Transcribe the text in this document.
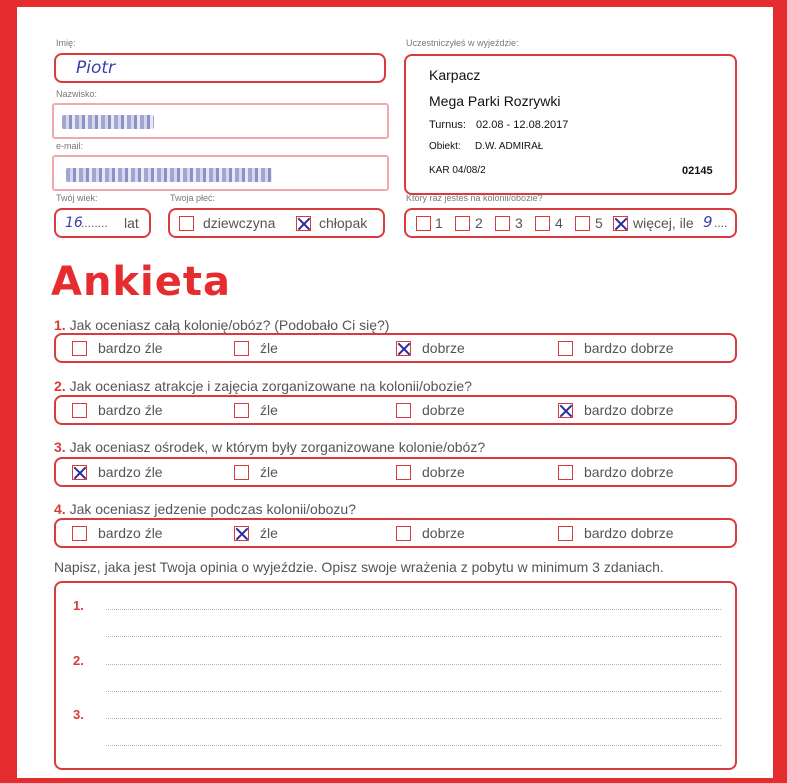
Imię:
Piotr
Nazwisko:
e-mail:
Twój wiek:
16
........ lat
Twoja płeć:
dziewczyna	chłopak
Uczestniczyłeś w wyjeździe:
Karpacz
Mega Parki Rozrywki
Turnus: 02.08 - 12.08.2017
Obiekt: D.W. ADMIRAŁ
KAR 04/08/2	02145
Który raz jesteś na kolonii/obozie?
1 2 3 4 5 więcej, ile 9 ....
Ankieta
1. Jak oceniasz całą kolonię/obóz? (Podobało Ci się?)
bardzo źle	źle	dobrze	bardzo dobrze
2. Jak oceniasz atrakcje i zajęcia zorganizowane na kolonii/obozie?
bardzo źle	źle	dobrze	bardzo dobrze
3. Jak oceniasz ośrodek, w którym były zorganizowane kolonie/obóz?
bardzo źle	źle	dobrze	bardzo dobrze
4. Jak oceniasz jedzenie podczas kolonii/obozu?
bardzo źle	źle	dobrze	bardzo dobrze
Napisz, jaka jest Twoja opinia o wyjeździe. Opisz swoje wrażenia z pobytu w minimum 3 zdaniach.
1.
2.
3.
